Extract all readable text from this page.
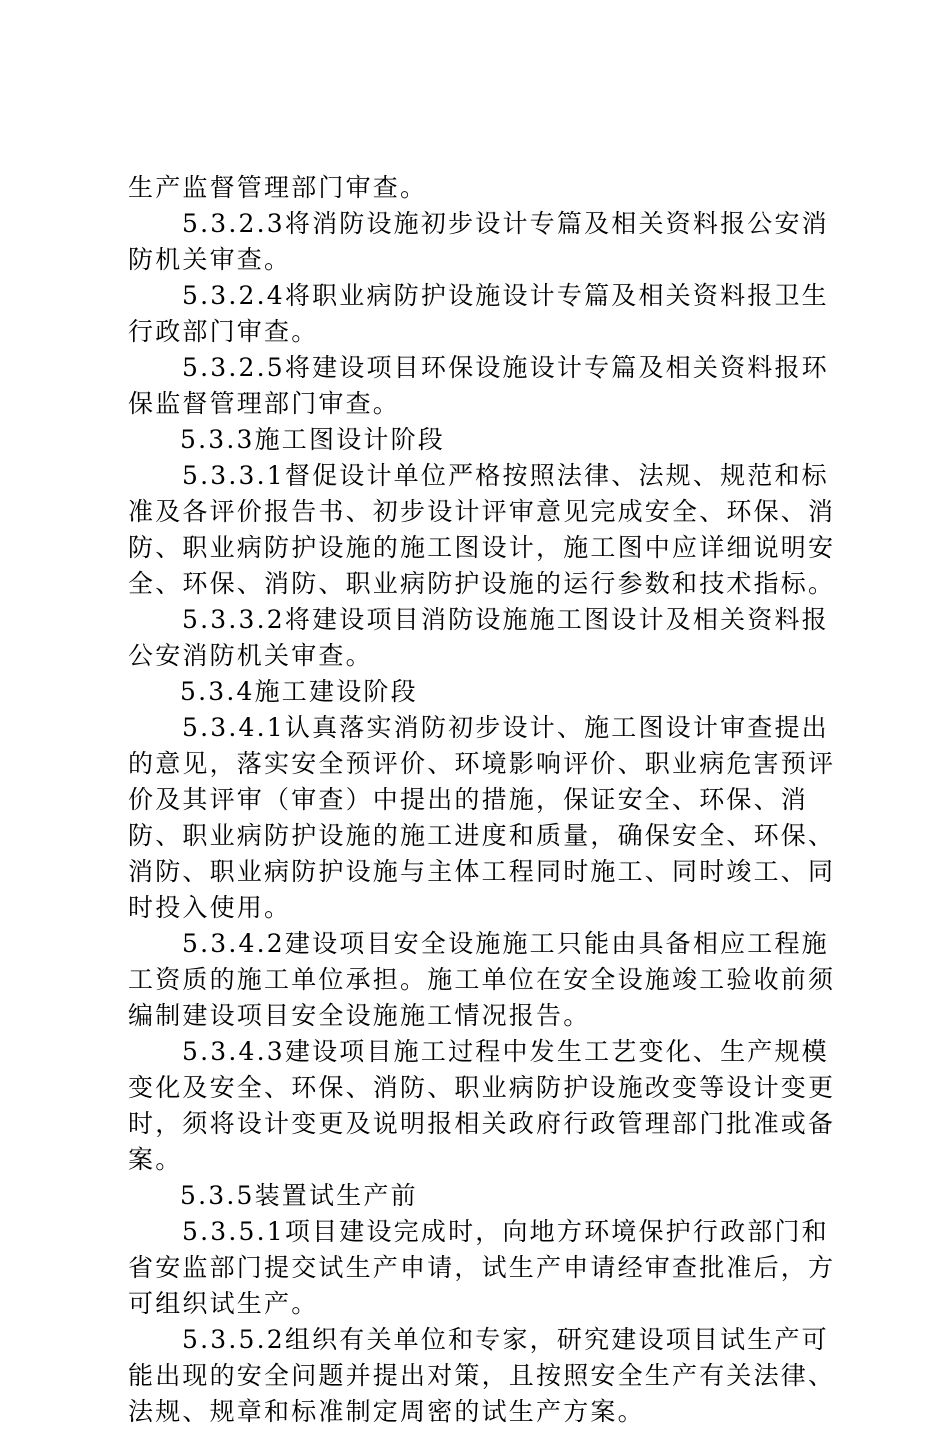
生产监督管理部门审查。

5.3.2.3将消防设施初步设计专篇及相关资料报公安消防机关审查。

5.3.2.4将职业病防护设施设计专篇及相关资料报卫生行政部门审查。

5.3.2.5将建设项目环保设施设计专篇及相关资料报环保监督管理部门审查。

5.3.3施工图设计阶段

5.3.3.1督促设计单位严格按照法律、法规、规范和标准及各评价报告书、初步设计评审意见完成安全、环保、消防、职业病防护设施的施工图设计，施工图中应详细说明安全、环保、消防、职业病防护设施的运行参数和技术指标。

5.3.3.2将建设项目消防设施施工图设计及相关资料报公安消防机关审查。

5.3.4施工建设阶段

5.3.4.1认真落实消防初步设计、施工图设计审查提出的意见，落实安全预评价、环境影响评价、职业病危害预评价及其评审（审查）中提出的措施，保证安全、环保、消防、职业病防护设施的施工进度和质量，确保安全、环保、消防、职业病防护设施与主体工程同时施工、同时竣工、同时投入使用。

5.3.4.2建设项目安全设施施工只能由具备相应工程施工资质的施工单位承担。施工单位在安全设施竣工验收前须编制建设项目安全设施施工情况报告。

5.3.4.3建设项目施工过程中发生工艺变化、生产规模变化及安全、环保、消防、职业病防护设施改变等设计变更时，须将设计变更及说明报相关政府行政管理部门批准或备案。

5.3.5装置试生产前

5.3.5.1项目建设完成时，向地方环境保护行政部门和省安监部门提交试生产申请，试生产申请经审查批准后，方可组织试生产。

5.3.5.2组织有关单位和专家，研究建设项目试生产可能出现的安全问题并提出对策，且按照安全生产有关法律、法规、规章和标准制定周密的试生产方案。
